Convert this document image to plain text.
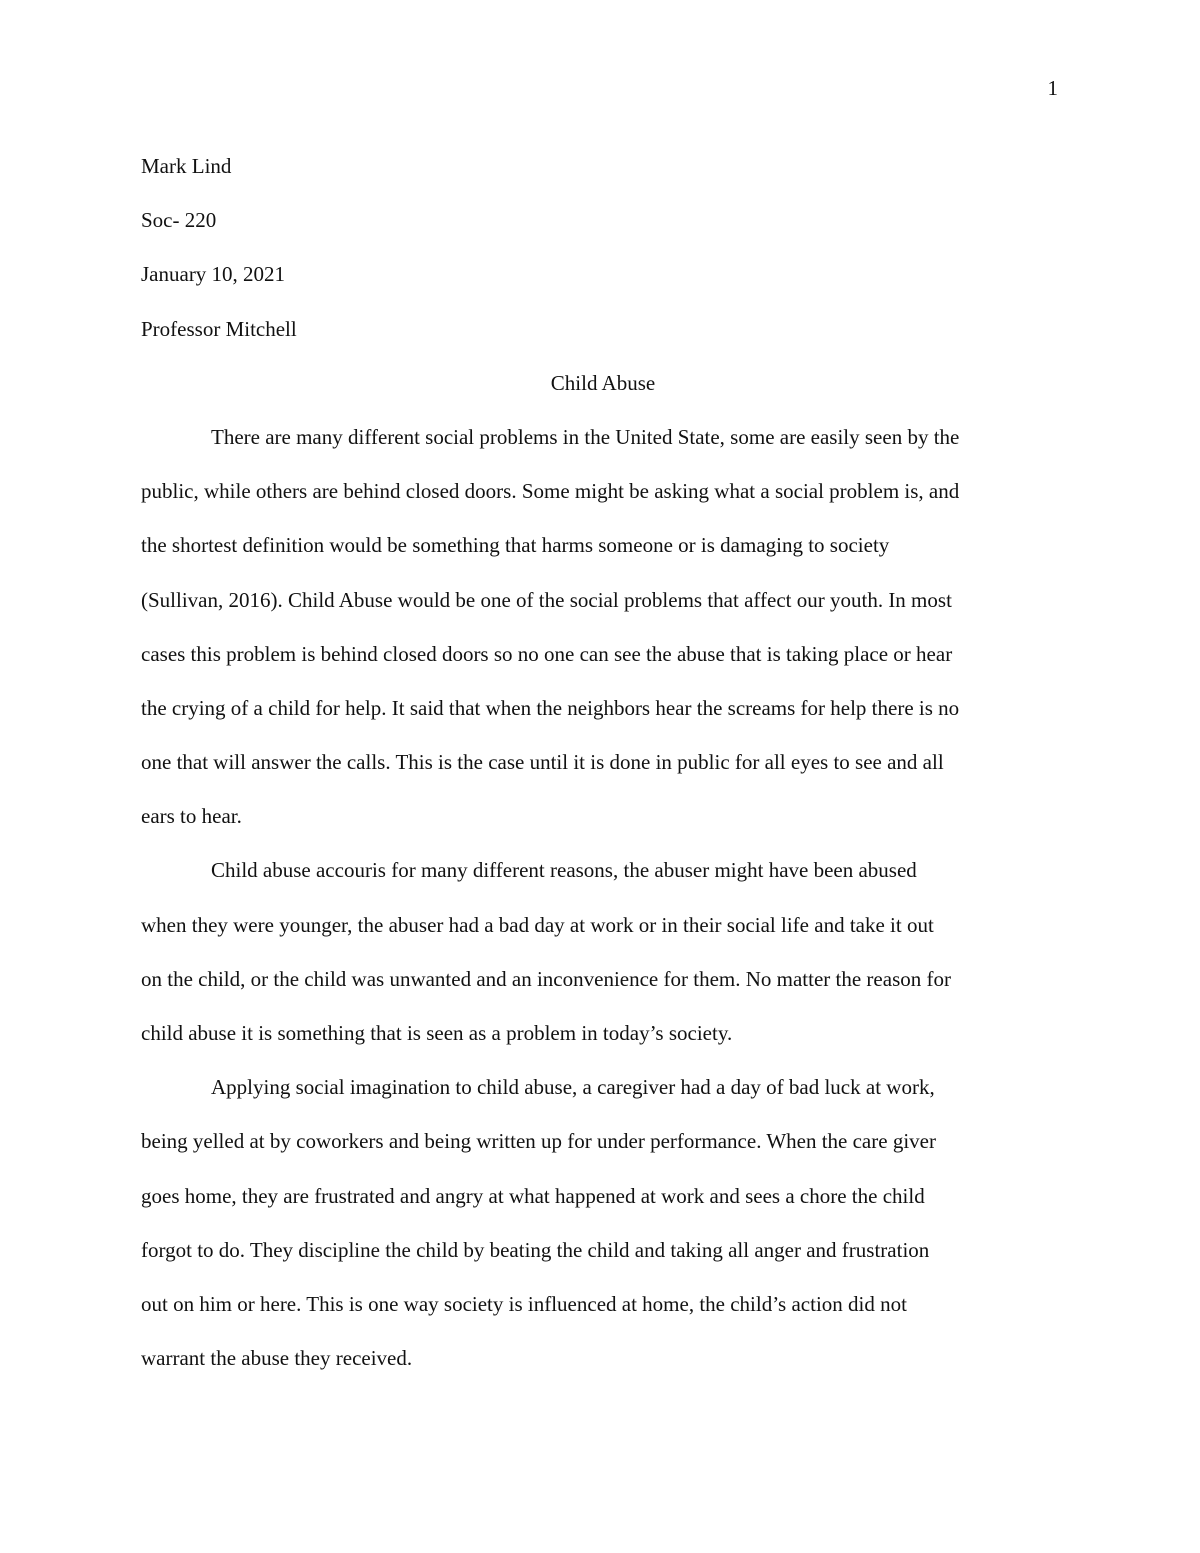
1
Mark Lind
Soc- 220
January 10, 2021
Professor Mitchell
Child Abuse
There are many different social problems in the United State, some are easily seen by the
public, while others are behind closed doors. Some might be asking what a social problem is, and
the shortest definition would be something that harms someone or is damaging to society
(Sullivan, 2016). Child Abuse would be one of the social problems that affect our youth. In most
cases this problem is behind closed doors so no one can see the abuse that is taking place or hear
the crying of a child for help. It said that when the neighbors hear the screams for help there is no
one that will answer the calls. This is the case until it is done in public for all eyes to see and all
ears to hear.
Child abuse accouris for many different reasons, the abuser might have been abused
when they were younger, the abuser had a bad day at work or in their social life and take it out
on the child, or the child was unwanted and an inconvenience for them. No matter the reason for
child abuse it is something that is seen as a problem in today’s society.
Applying social imagination to child abuse, a caregiver had a day of bad luck at work,
being yelled at by coworkers and being written up for under performance. When the care giver
goes home, they are frustrated and angry at what happened at work and sees a chore the child
forgot to do. They discipline the child by beating the child and taking all anger and frustration
out on him or here. This is one way society is influenced at home, the child’s action did not
warrant the abuse they received.
